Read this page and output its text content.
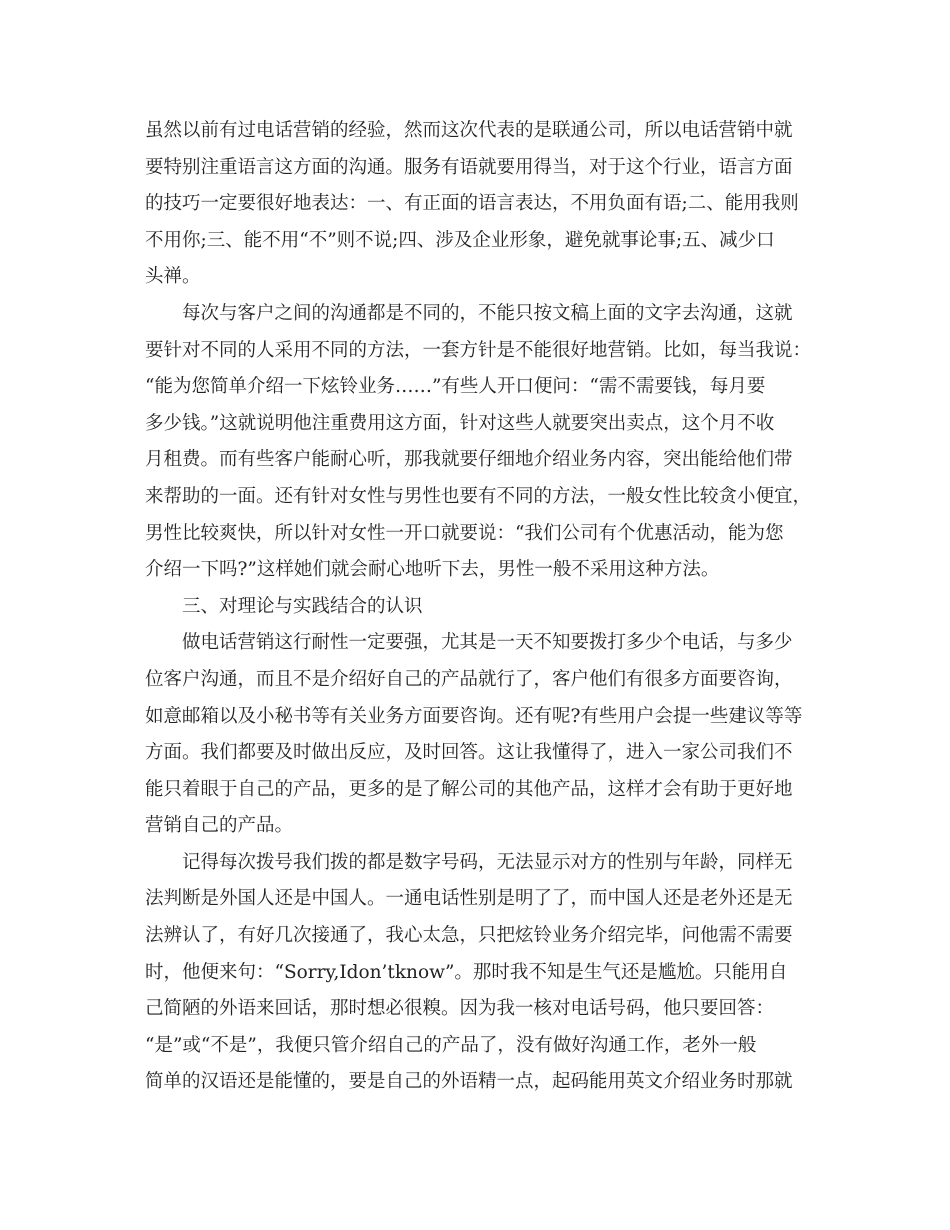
虽然以前有过电话营销的经验，然而这次代表的是联通公司，所以电话营销中就
要特别注重语言这方面的沟通。服务有语就要用得当，对于这个行业，语言方面
的技巧一定要很好地表达：一、有正面的语言表达，不用负面有语;二、能用我则
不用你;三、能不用“不”则不说;四、涉及企业形象，避免就事论事;五、减少口
头禅。
每次与客户之间的沟通都是不同的，不能只按文稿上面的文字去沟通，这就
要针对不同的人采用不同的方法，一套方针是不能很好地营销。比如，每当我说：
“能为您简单介绍一下炫铃业务……”有些人开口便问：“需不需要钱，每月要
多少钱。”这就说明他注重费用这方面，针对这些人就要突出卖点，这个月不收
月租费。而有些客户能耐心听，那我就要仔细地介绍业务内容，突出能给他们带
来帮助的一面。还有针对女性与男性也要有不同的方法，一般女性比较贪小便宜，
男性比较爽快，所以针对女性一开口就要说：“我们公司有个优惠活动，能为您
介绍一下吗?”这样她们就会耐心地听下去，男性一般不采用这种方法。
三、对理论与实践结合的认识
做电话营销这行耐性一定要强，尤其是一天不知要拨打多少个电话，与多少
位客户沟通，而且不是介绍好自己的产品就行了，客户他们有很多方面要咨询，
如意邮箱以及小秘书等有关业务方面要咨询。还有呢?有些用户会提一些建议等等
方面。我们都要及时做出反应，及时回答。这让我懂得了，进入一家公司我们不
能只着眼于自己的产品，更多的是了解公司的其他产品，这样才会有助于更好地
营销自己的产品。
记得每次拨号我们拨的都是数字号码，无法显示对方的性别与年龄，同样无
法判断是外国人还是中国人。一通电话性别是明了了，而中国人还是老外还是无
法辨认了，有好几次接通了，我心太急，只把炫铃业务介绍完毕，问他需不需要
时，他便来句：“Sorry,Idon’tknow”。那时我不知是生气还是尴尬。只能用自
己简陋的外语来回话，那时想必很糗。因为我一核对电话号码，他只要回答：
“是”或“不是”，我便只管介绍自己的产品了，没有做好沟通工作，老外一般
简单的汉语还是能懂的，要是自己的外语精一点，起码能用英文介绍业务时那就
